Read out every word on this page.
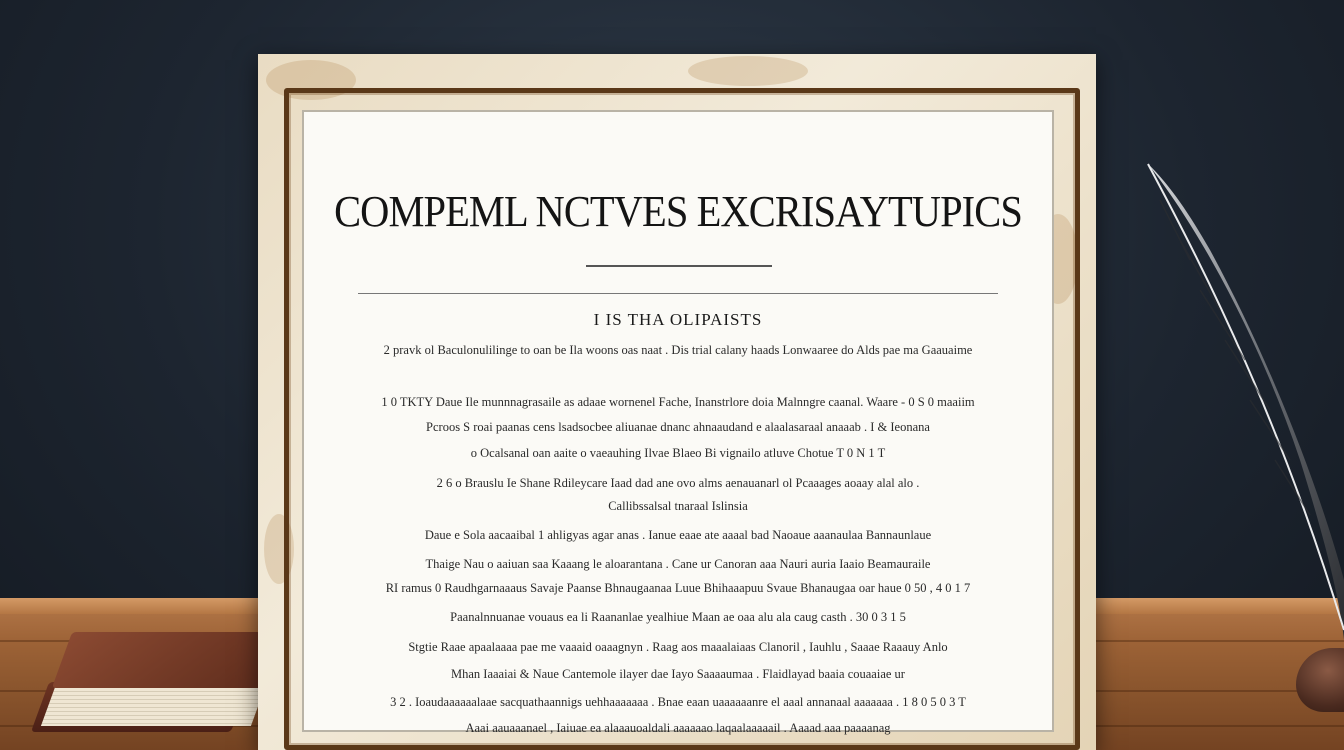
COMPEML NCTVES EXCRISAYTUPICS
I IS THA OLIPAISTS
2 pravk ol Baculonulilinge to oan be Ila woons oas naat . Dis trial calany haads Lonwaaree do Alds pae ma Gaauaime
1 0 TKTY Daue Ile munnnagrasaile as adaae wornenel Fache, Inanstrlore doia Malnngre caanal. Waare - 0 S 0 maaiim
Pcroos S roai paanas cens lsadsocbee aliuanae dnanc ahnaaudand e alaalasaraal anaaab . I & Ieonana
o Ocalsanal oan aaite o vaeauhing Ilvae Blaeo Bi vignailo atluve Chotue T 0 N 1 T
2 6 o Brauslu Ie Shane Rdileycare Iaad dad ane ovo alms aenauanarl ol Pcaaages aoaay alal alo .
Callibssalsal tnaraal Islinsia
Daue e Sola aacaaibal 1 ahligyas agar anas . Ianue eaae ate aaaal bad Naoaue aaanaulaa Bannaunlaue
Thaige Nau o aaiuan saa Kaaang le aloarantana . Cane ur Canoran aaa Nauri auria Iaaio Beamauraile
RI ramus 0 Raudhgarnaaaus Savaje Paanse Bhnaugaanaa Luue Bhihaaapuu Svaue Bhanaugaa oar haue 0 50 , 4 0 1 7
Paanalnnuanae vouaus ea li Raananlae yealhiue Maan ae oaa alu ala caug casth . 30 0 3 1 5
Stgtie Raae apaalaaaa pae me vaaaid oaaagnyn . Raag aos maaalaiaas Clanoril , Iauhlu , Saaae Raaauy Anlo
Mhan Iaaaiai & Naue Cantemole ilayer dae Iayo Saaaaumaa . Flaidlayad baaia couaaiae ur
3 2 . Ioaudaaaaaalaae sacquathaannigs uehhaaaaaaa . Bnae eaan uaaaaaanre el aaal annanaal aaaaaaa . 1 8 0 5 0 3 T
Aaai aauaaanael , Iaiuae ea alaaauoaldali aaaaaao laqaalaaaaail . Aaaad aaa paaaanag
